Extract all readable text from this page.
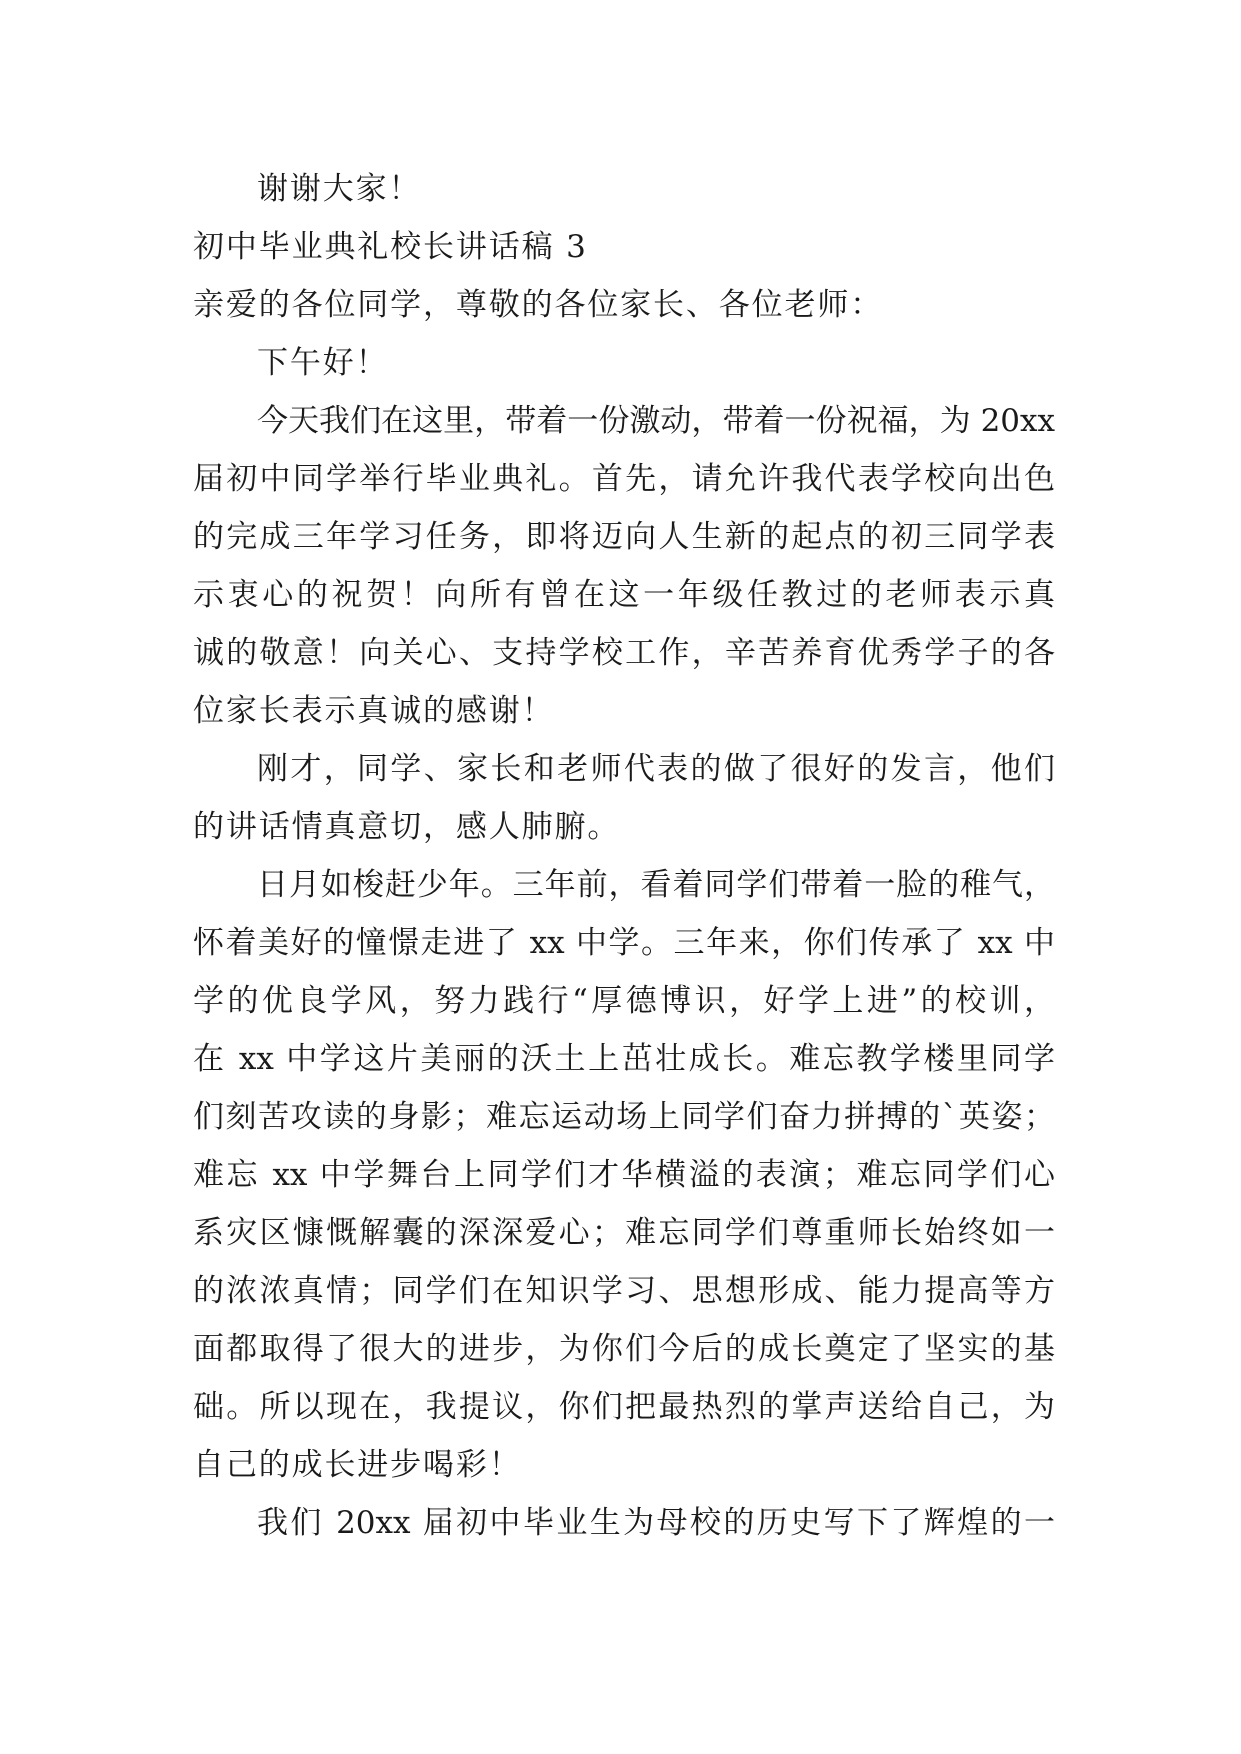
谢谢大家！
初中毕业典礼校长讲话稿 3
亲爱的各位同学，尊敬的各位家长、各位老师：
下午好！
今天我们在这里，带着一份激动，带着一份祝福，为 20xx
届初中同学举行毕业典礼。首先，请允许我代表学校向出色
的完成三年学习任务，即将迈向人生新的起点的初三同学表
示衷心的祝贺！向所有曾在这一年级任教过的老师表示真
诚的敬意！向关心、支持学校工作，辛苦养育优秀学子的各
位家长表示真诚的感谢！
刚才，同学、家长和老师代表的做了很好的发言，他们
的讲话情真意切，感人肺腑。
日月如梭赶少年。三年前，看着同学们带着一脸的稚气，
怀着美好的憧憬走进了 xx 中学。三年来，你们传承了 xx 中
学的优良学风，努力践行“厚德博识，好学上进”的校训，
在 xx 中学这片美丽的沃土上茁壮成长。难忘教学楼里同学
们刻苦攻读的身影；难忘运动场上同学们奋力拼搏的`英姿；
难忘 xx 中学舞台上同学们才华横溢的表演；难忘同学们心
系灾区慷慨解囊的深深爱心；难忘同学们尊重师长始终如一
的浓浓真情；同学们在知识学习、思想形成、能力提高等方
面都取得了很大的进步，为你们今后的成长奠定了坚实的基
础。所以现在，我提议，你们把最热烈的掌声送给自己，为
自己的成长进步喝彩！
我们 20xx 届初中毕业生为母校的历史写下了辉煌的一
